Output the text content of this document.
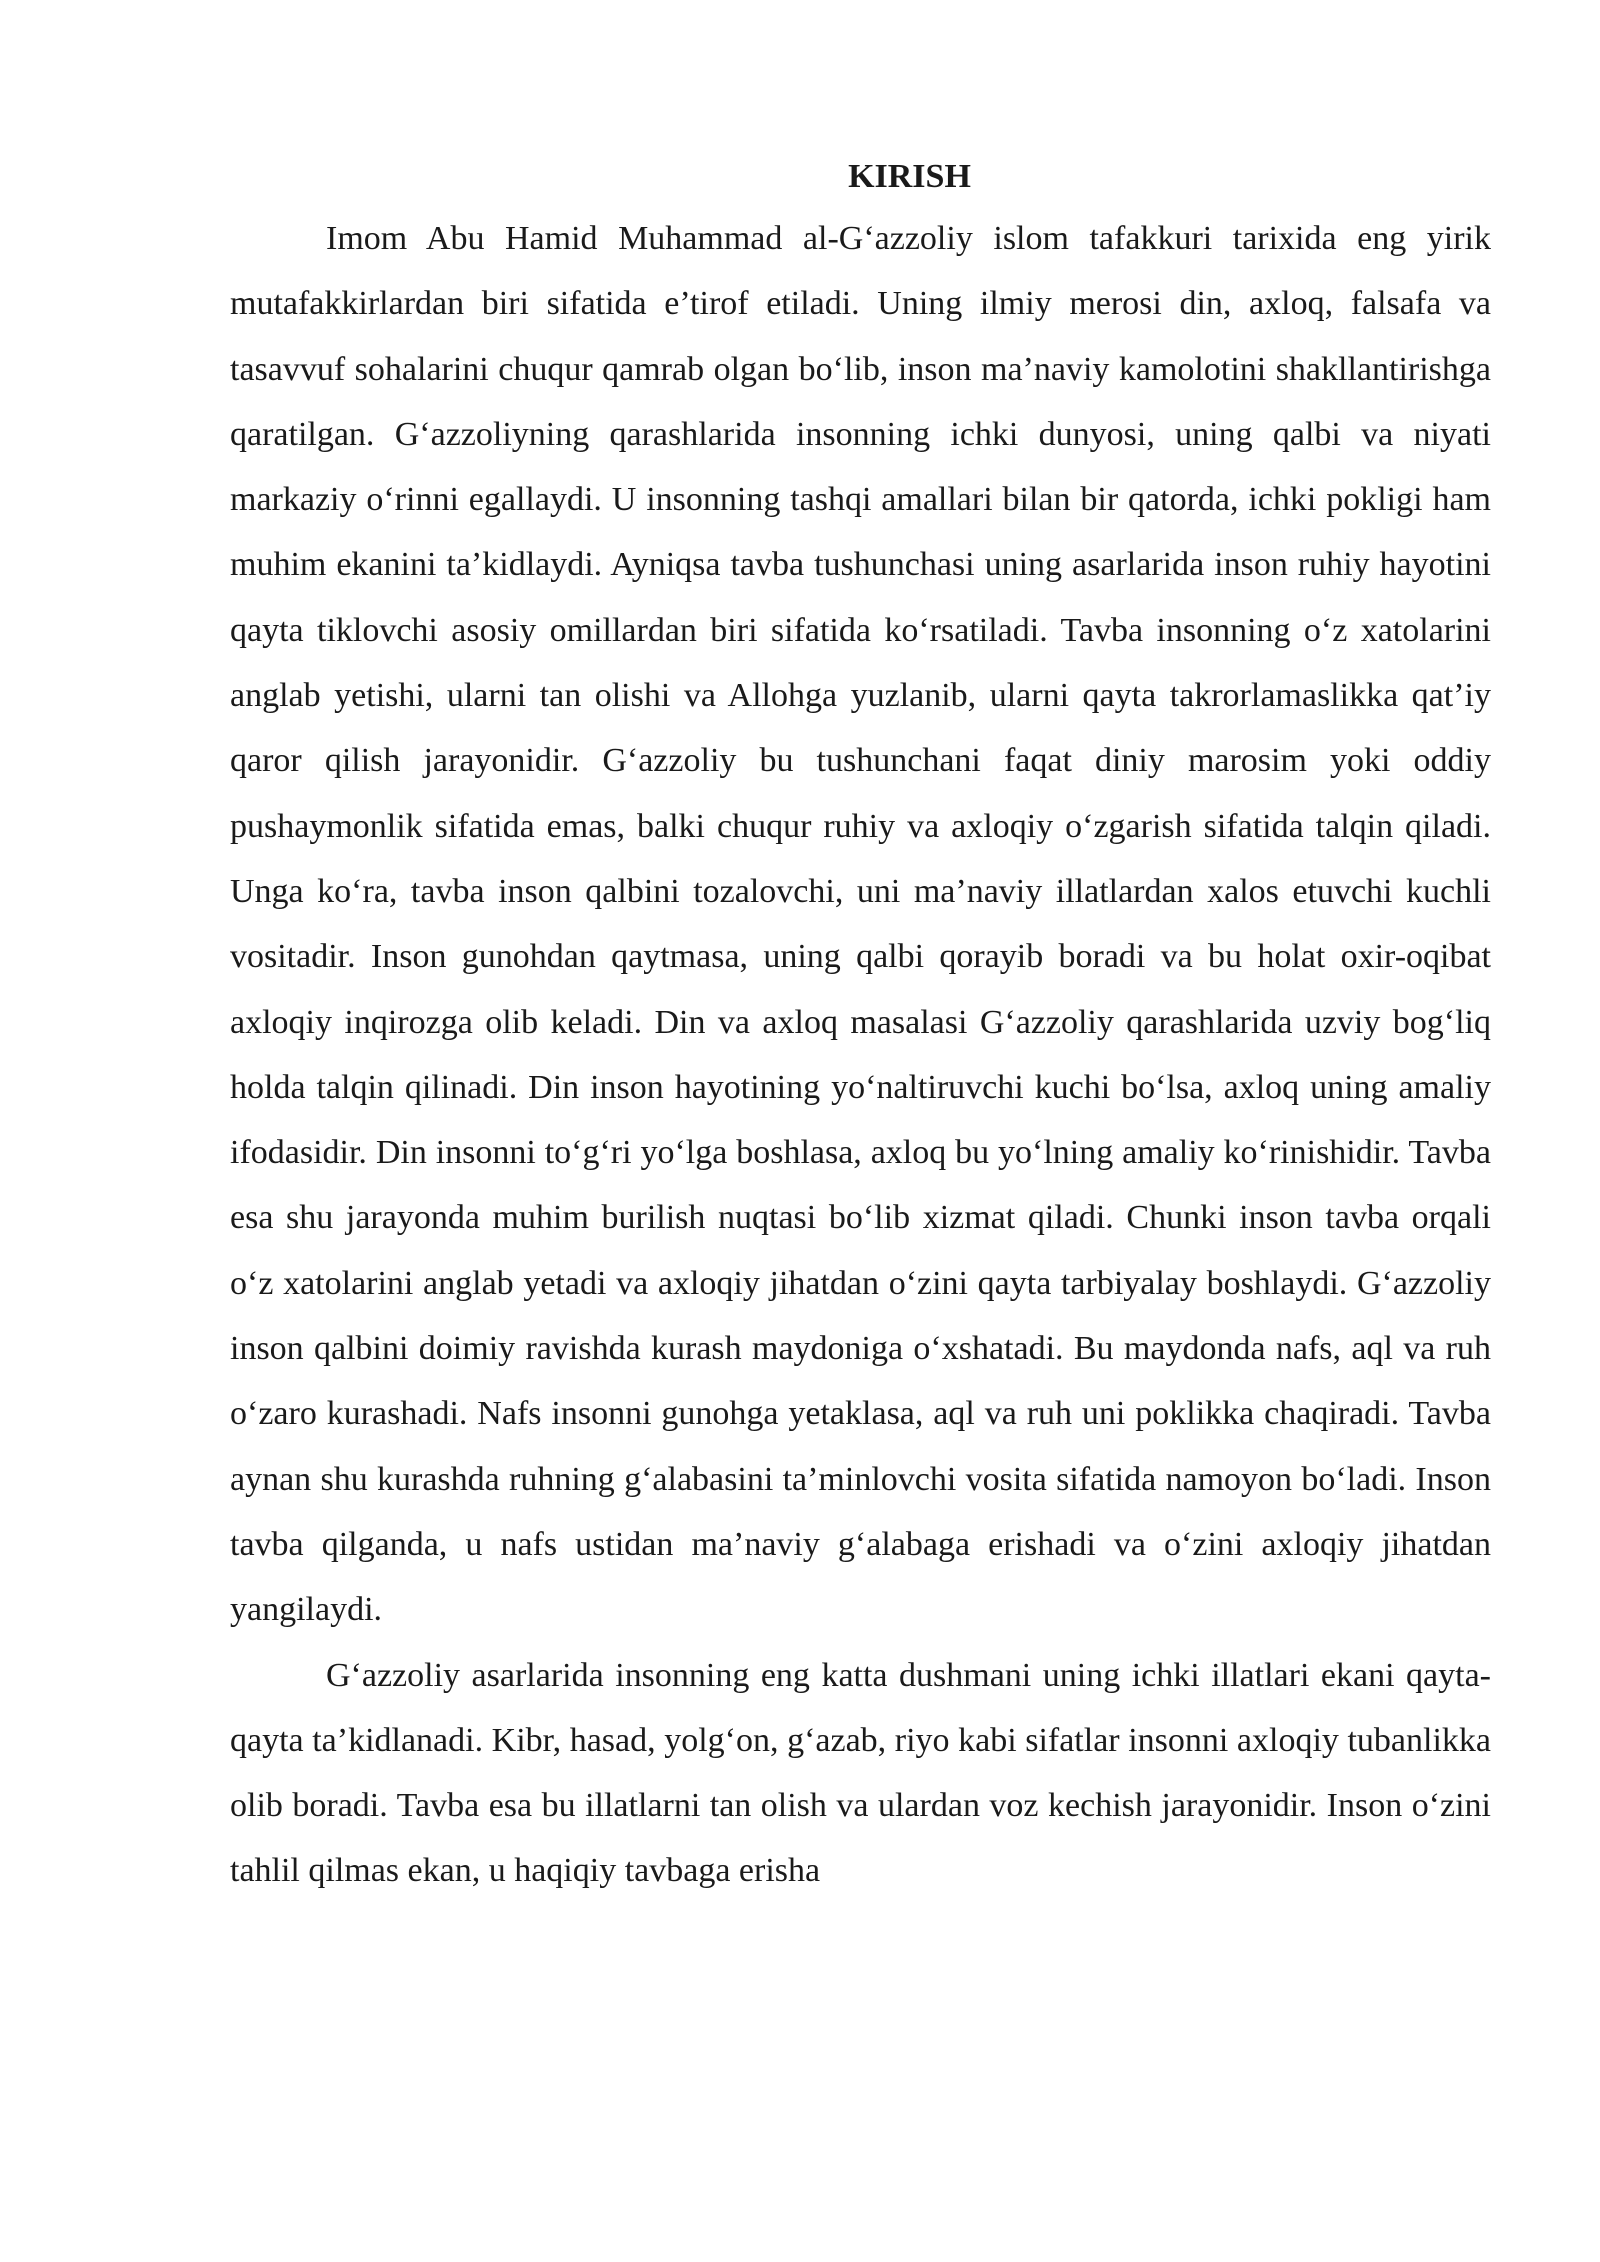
KIRISH

Imom Abu Hamid Muhammad al-G‘azzoliy islom tafakkuri tarixida eng yirik mutafakkirlardan biri sifatida e’tirof etiladi. Uning ilmiy merosi din, axloq, falsafa va tasavvuf sohalarini chuqur qamrab olgan bo‘lib, inson ma’naviy kamolotini shakllantirishga qaratilgan. G‘azzoliyning qarashlarida insonning ichki dunyosi, uning qalbi va niyati markaziy o‘rinni egallaydi. U insonning tashqi amallari bilan bir qatorda, ichki pokligi ham muhim ekanini ta’kidlaydi. Ayniqsa tavba tushunchasi uning asarlarida inson ruhiy hayotini qayta tiklovchi asosiy omillardan biri sifatida ko‘rsatiladi. Tavba insonning o‘z xatolarini anglab yetishi, ularni tan olishi va Allohga yuzlanib, ularni qayta takrorlamaslikka qat’iy qaror qilish jarayonidir. G‘azzoliy bu tushunchani faqat diniy marosim yoki oddiy pushaymonlik sifatida emas, balki chuqur ruhiy va axloqiy o‘zgarish sifatida talqin qiladi. Unga ko‘ra, tavba inson qalbini tozalovchi, uni ma’naviy illatlardan xalos etuvchi kuchli vositadir. Inson gunohdan qaytmasa, uning qalbi qorayib boradi va bu holat oxir-oqibat axloqiy inqirozga olib keladi. Din va axloq masalasi G‘azzoliy qarashlarida uzviy bog‘liq holda talqin qilinadi. Din inson hayotining yo‘naltiruvchi kuchi bo‘lsa, axloq uning amaliy ifodasidir. Din insonni to‘g‘ri yo‘lga boshlasa, axloq bu yo‘lning amaliy ko‘rinishidir. Tavba esa shu jarayonda muhim burilish nuqtasi bo‘lib xizmat qiladi. Chunki inson tavba orqali o‘z xatolarini anglab yetadi va axloqiy jihatdan o‘zini qayta tarbiyalay boshlaydi. G‘azzoliy inson qalbini doimiy ravishda kurash maydoniga o‘xshatadi. Bu maydonda nafs, aql va ruh o‘zaro kurashadi. Nafs insonni gunohga yetaklasa, aql va ruh uni poklikka chaqiradi. Tavba aynan shu kurashda ruhning g‘alabasini ta’minlovchi vosita sifatida namoyon bo‘ladi. Inson tavba qilganda, u nafs ustidan ma’naviy g‘alabaga erishadi va o‘zini axloqiy jihatdan yangilaydi.

G‘azzoliy asarlarida insonning eng katta dushmani uning ichki illatlari ekani qayta-qayta ta’kidlanadi. Kibr, hasad, yolg‘on, g‘azab, riyo kabi sifatlar insonni axloqiy tubanlikka olib boradi. Tavba esa bu illatlarni tan olish va ulardan voz kechish jarayonidir. Inson o‘zini tahlil qilmas ekan, u haqiqiy tavbaga erisha
